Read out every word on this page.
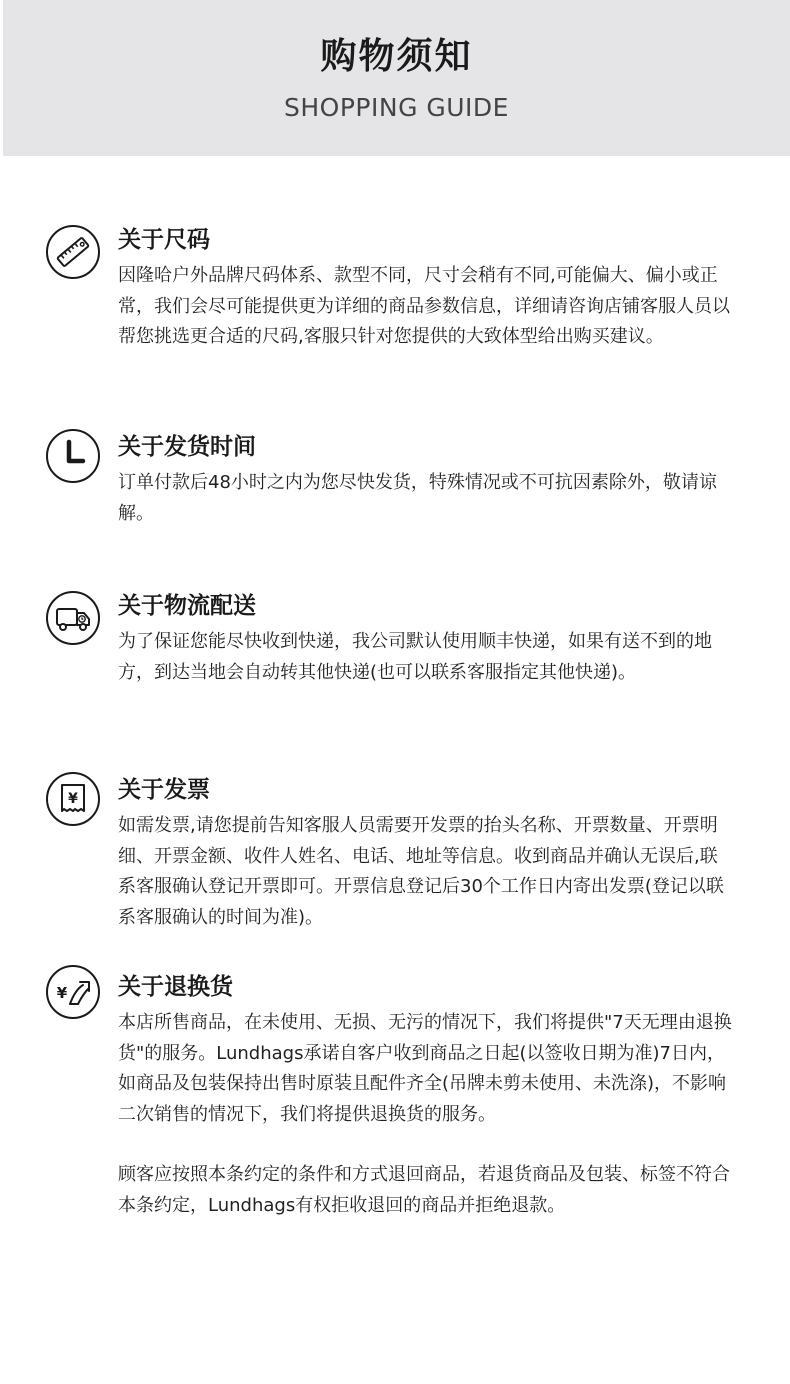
购物须知
SHOPPING GUIDE
关于尺码

因隆哈户外品牌尺码体系、款型不同，尺寸会稍有不同,可能偏大、偏小或正常，我们会尽可能提供更为详细的商品参数信息，详细请咨询店铺客服人员以帮您挑选更合适的尺码,客服只针对您提供的大致体型给出购买建议。

关于发货时间

订单付款后48小时之内为您尽快发货，特殊情况或不可抗因素除外，敬请谅解。

关于物流配送

为了保证您能尽快收到快递，我公司默认使用顺丰快递，如果有送不到的地方，到达当地会自动转其他快递(也可以联系客服指定其他快递)。

¥ 关于发票

如需发票,请您提前告知客服人员需要开发票的抬头名称、开票数量、开票明细、开票金额、收件人姓名、电话、地址等信息。收到商品并确认无误后,联系客服确认登记开票即可。开票信息登记后30个工作日内寄出发票(登记以联系客服确认的时间为准)。

¥ 关于退换货

本店所售商品，在未使用、无损、无污的情况下，我们将提供"7天无理由退换货"的服务。Lundhags承诺自客户收到商品之日起(以签收日期为准)7日内，如商品及包装保持出售时原装且配件齐全(吊牌未剪未使用、未洗涤)，不影响二次销售的情况下，我们将提供退换货的服务。

顾客应按照本条约定的条件和方式退回商品，若退货商品及包装、标签不符合本条约定，Lundhags有权拒收退回的商品并拒绝退款。
